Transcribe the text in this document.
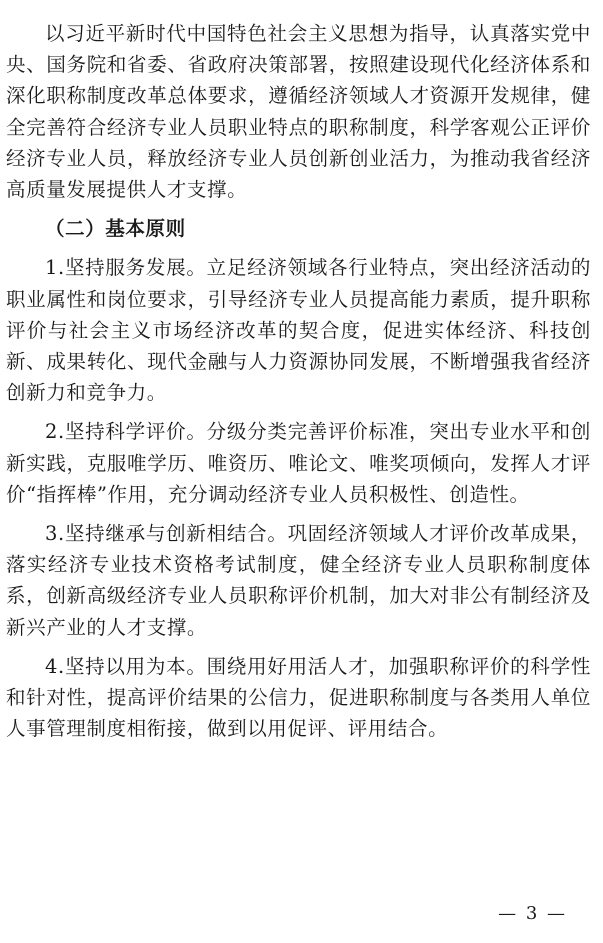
以习近平新时代中国特色社会主义思想为指导，认真落实党中央、国务院和省委、省政府决策部署，按照建设现代化经济体系和深化职称制度改革总体要求，遵循经济领域人才资源开发规律，健全完善符合经济专业人员职业特点的职称制度，科学客观公正评价经济专业人员，释放经济专业人员创新创业活力，为推动我省经济高质量发展提供人才支撑。

（二）基本原则

1.坚持服务发展。立足经济领域各行业特点，突出经济活动的职业属性和岗位要求，引导经济专业人员提高能力素质，提升职称评价与社会主义市场经济改革的契合度，促进实体经济、科技创新、成果转化、现代金融与人力资源协同发展，不断增强我省经济创新力和竞争力。

2.坚持科学评价。分级分类完善评价标准，突出专业水平和创新实践，克服唯学历、唯资历、唯论文、唯奖项倾向，发挥人才评价“指挥棒”作用，充分调动经济专业人员积极性、创造性。

3.坚持继承与创新相结合。巩固经济领域人才评价改革成果，落实经济专业技术资格考试制度，健全经济专业人员职称制度体系，创新高级经济专业人员职称评价机制，加大对非公有制经济及新兴产业的人才支撑。

4.坚持以用为本。围绕用好用活人才，加强职称评价的科学性和针对性，提高评价结果的公信力，促进职称制度与各类用人单位人事管理制度相衔接，做到以用促评、评用结合。

— 3 —
